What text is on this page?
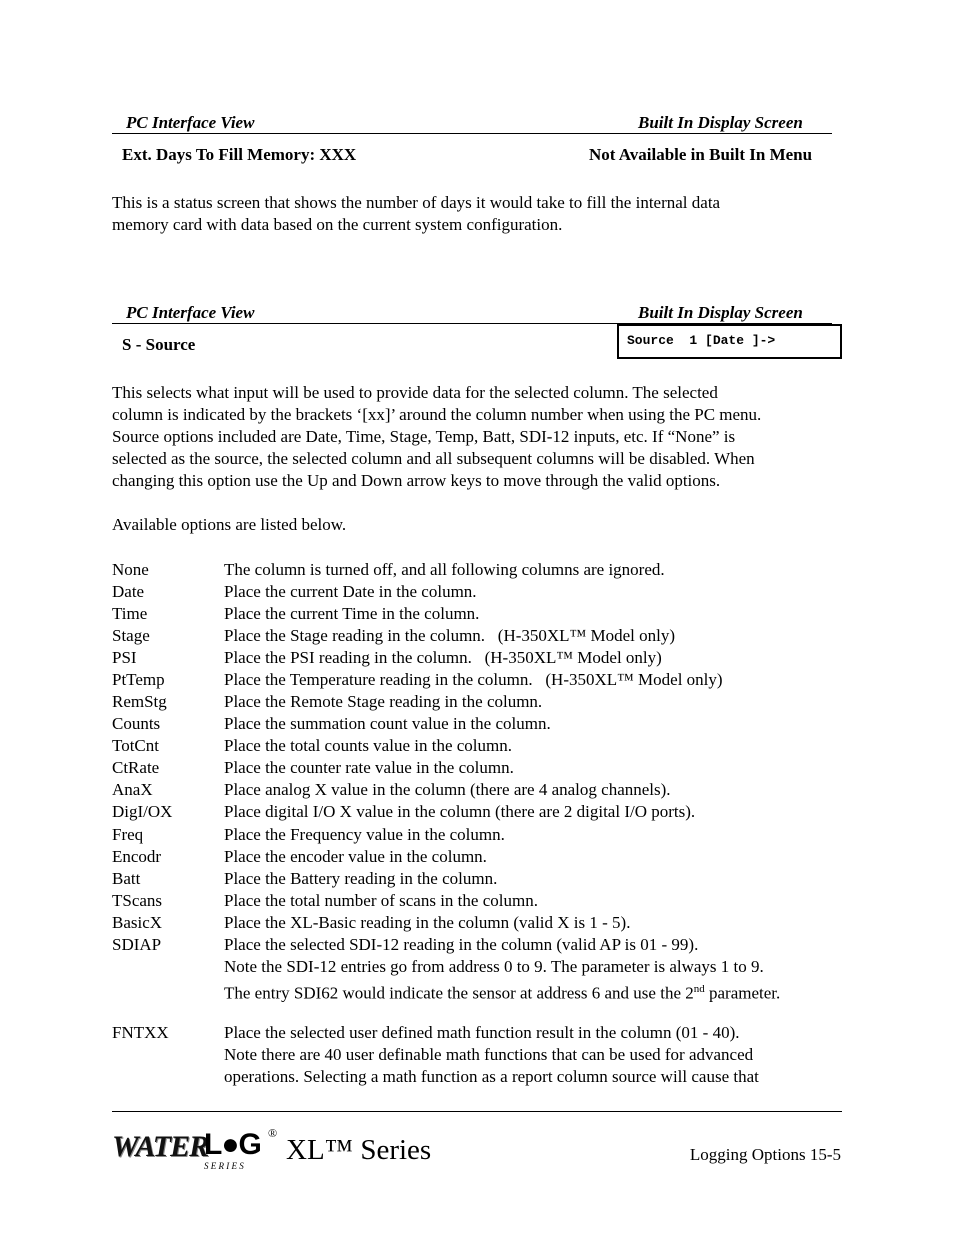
PC Interface View	Built In Display Screen
Ext. Days To Fill Memory: XXX	Not Available in Built In Menu
This is a status screen that shows the number of days it would take to fill the internal data
memory card with data based on the current system configuration.
PC Interface View	Built In Display Screen
S - Source	Source  1 [Date ]->
This selects what input will be used to provide data for the selected column. The selected
column is indicated by the brackets ‘[xx]’ around the column number when using the PC menu.
Source options included are Date, Time, Stage, Temp, Batt, SDI-12 inputs, etc. If “None” is
selected as the source, the selected column and all subsequent columns will be disabled. When
changing this option use the Up and Down arrow keys to move through the valid options.
Available options are listed below.
None	The column is turned off, and all following columns are ignored.
Date	Place the current Date in the column.
Time	Place the current Time in the column.
Stage	Place the Stage reading in the column.   (H-350XL™ Model only)
PSI	Place the PSI reading in the column.   (H-350XL™ Model only)
PtTemp	Place the Temperature reading in the column.   (H-350XL™ Model only)
RemStg	Place the Remote Stage reading in the column.
Counts	Place the summation count value in the column.
TotCnt	Place the total counts value in the column.
CtRate	Place the counter rate value in the column.
AnaX	Place analog X value in the column (there are 4 analog channels).
DigI/OX	Place digital I/O X value in the column (there are 2 digital I/O ports).
Freq	Place the Frequency value in the column.
Encodr	Place the encoder value in the column.
Batt	Place the Battery reading in the column.
TScans	Place the total number of scans in the column.
BasicX	Place the XL-Basic reading in the column (valid X is 1 - 5).
SDIAP	Place the selected SDI-12 reading in the column (valid AP is 01 - 99).
Note the SDI-12 entries go from address 0 to 9. The parameter is always 1 to 9.
The entry SDI62 would indicate the sensor at address 6 and use the 2nd parameter.
FNTXX	Place the selected user defined math function result in the column (01 - 40).
Note there are 40 user definable math functions that can be used for advanced
operations. Selecting a math function as a report column source will cause that
WATER
L●G ®
S E R I E S XL™ Series	Logging Options 15-5
